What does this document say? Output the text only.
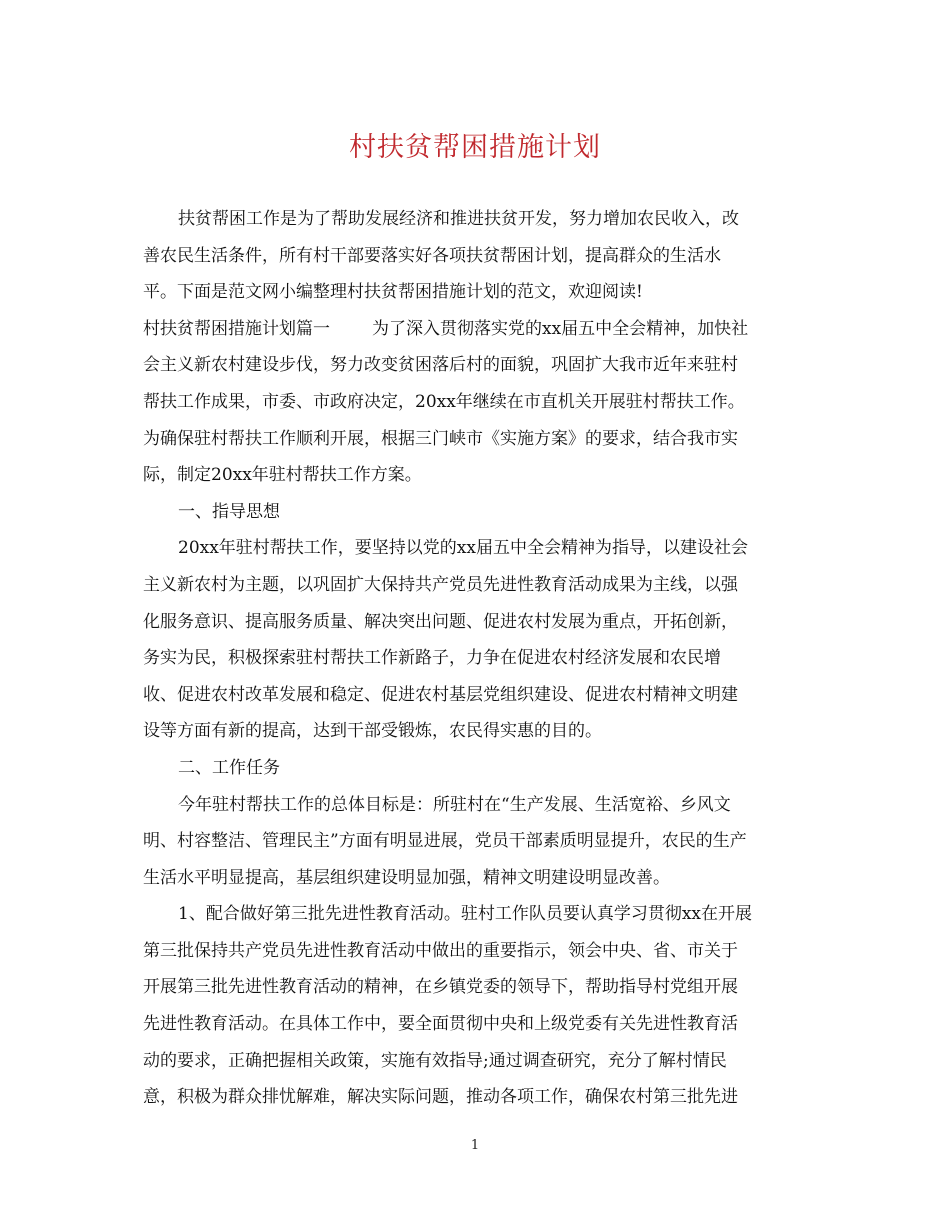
村扶贫帮困措施计划
扶贫帮困工作是为了帮助发展经济和推进扶贫开发，努力增加农民收入，改
善农民生活条件，所有村干部要落实好各项扶贫帮困计划，提高群众的生活水
平。下面是范文网小编整理村扶贫帮困措施计划的范文，欢迎阅读!
村扶贫帮困措施计划篇一 为了深入贯彻落实党的xx届五中全会精神，加快社
会主义新农村建设步伐，努力改变贫困落后村的面貌，巩固扩大我市近年来驻村
帮扶工作成果，市委、市政府决定，20xx年继续在市直机关开展驻村帮扶工作。
为确保驻村帮扶工作顺利开展，根据三门峡市《实施方案》的要求，结合我市实
际，制定20xx年驻村帮扶工作方案。
一、指导思想
20xx年驻村帮扶工作，要坚持以党的xx届五中全会精神为指导，以建设社会
主义新农村为主题，以巩固扩大保持共产党员先进性教育活动成果为主线，以强
化服务意识、提高服务质量、解决突出问题、促进农村发展为重点，开拓创新，
务实为民，积极探索驻村帮扶工作新路子，力争在促进农村经济发展和农民增
收、促进农村改革发展和稳定、促进农村基层党组织建设、促进农村精神文明建
设等方面有新的提高，达到干部受锻炼，农民得实惠的目的。
二、工作任务
今年驻村帮扶工作的总体目标是：所驻村在“生产发展、生活宽裕、乡风文
明、村容整洁、管理民主”方面有明显进展，党员干部素质明显提升，农民的生产
生活水平明显提高，基层组织建设明显加强，精神文明建设明显改善。
1、配合做好第三批先进性教育活动。驻村工作队员要认真学习贯彻xx在开展
第三批保持共产党员先进性教育活动中做出的重要指示，领会中央、省、市关于
开展第三批先进性教育活动的精神，在乡镇党委的领导下，帮助指导村党组开展
先进性教育活动。在具体工作中，要全面贯彻中央和上级党委有关先进性教育活
动的要求，正确把握相关政策，实施有效指导;通过调查研究，充分了解村情民
意，积极为群众排忧解难，解决实际问题，推动各项工作，确保农村第三批先进
1
